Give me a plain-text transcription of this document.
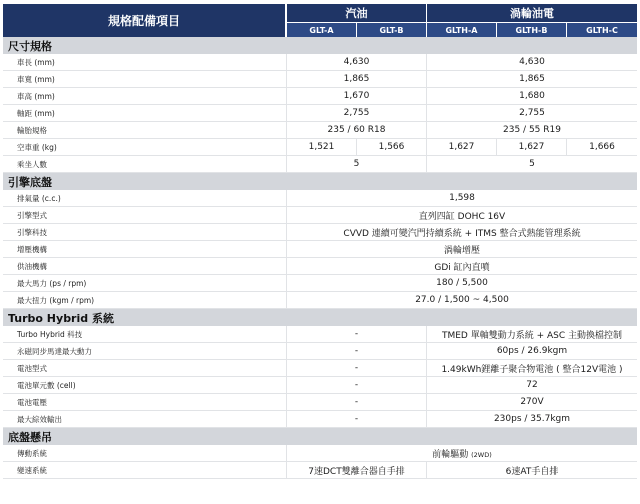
規格配備項目	汽油		渦輪油電		
	GLT-A	GLT-B	GLTH-A	GLTH-B	GLTH-C
尺寸規格					
車長 (mm)	4,630		4,630		
車寬 (mm)	1,865		1,865		
車高 (mm)	1,670		1,680		
軸距 (mm)	2,755		2,755		
輪胎規格	235 / 60 R18		235 / 55 R19		
空車重 (kg)	1,521	1,566	1,627	1,627	1,666
乘坐人數	5		5		
引擎底盤					
排氣量 (c.c.)	1,598				
引擎型式	直列四缸 DOHC 16V				
引擎科技	CVVD 連續可變汽門持續系統 + ITMS 整合式熱能管理系統				
增壓機構	渦輪增壓				
供油機構	GDi 缸內直噴				
最大馬力 (ps / rpm)	180 / 5,500				
最大扭力 (kgm / rpm)	27.0 / 1,500 ~ 4,500				
Turbo Hybrid 系統					
Turbo Hybrid 科技	-		TMED 單軸雙動力系統 + ASC 主動換檔控制		
永磁同步馬達最大動力	-		60ps / 26.9kgm		
電池型式	-		1.49kWh鋰離子聚合物電池 ( 整合12V電池 )		
電池單元數 (cell)	-		72		
電池電壓	-		270V		
最大綜效輸出	-		230ps / 35.7kgm		
底盤懸吊					
傳動系統	前輪驅動 (2WD)				
變速系統	7速DCT雙離合器自手排		6速AT手自排		
